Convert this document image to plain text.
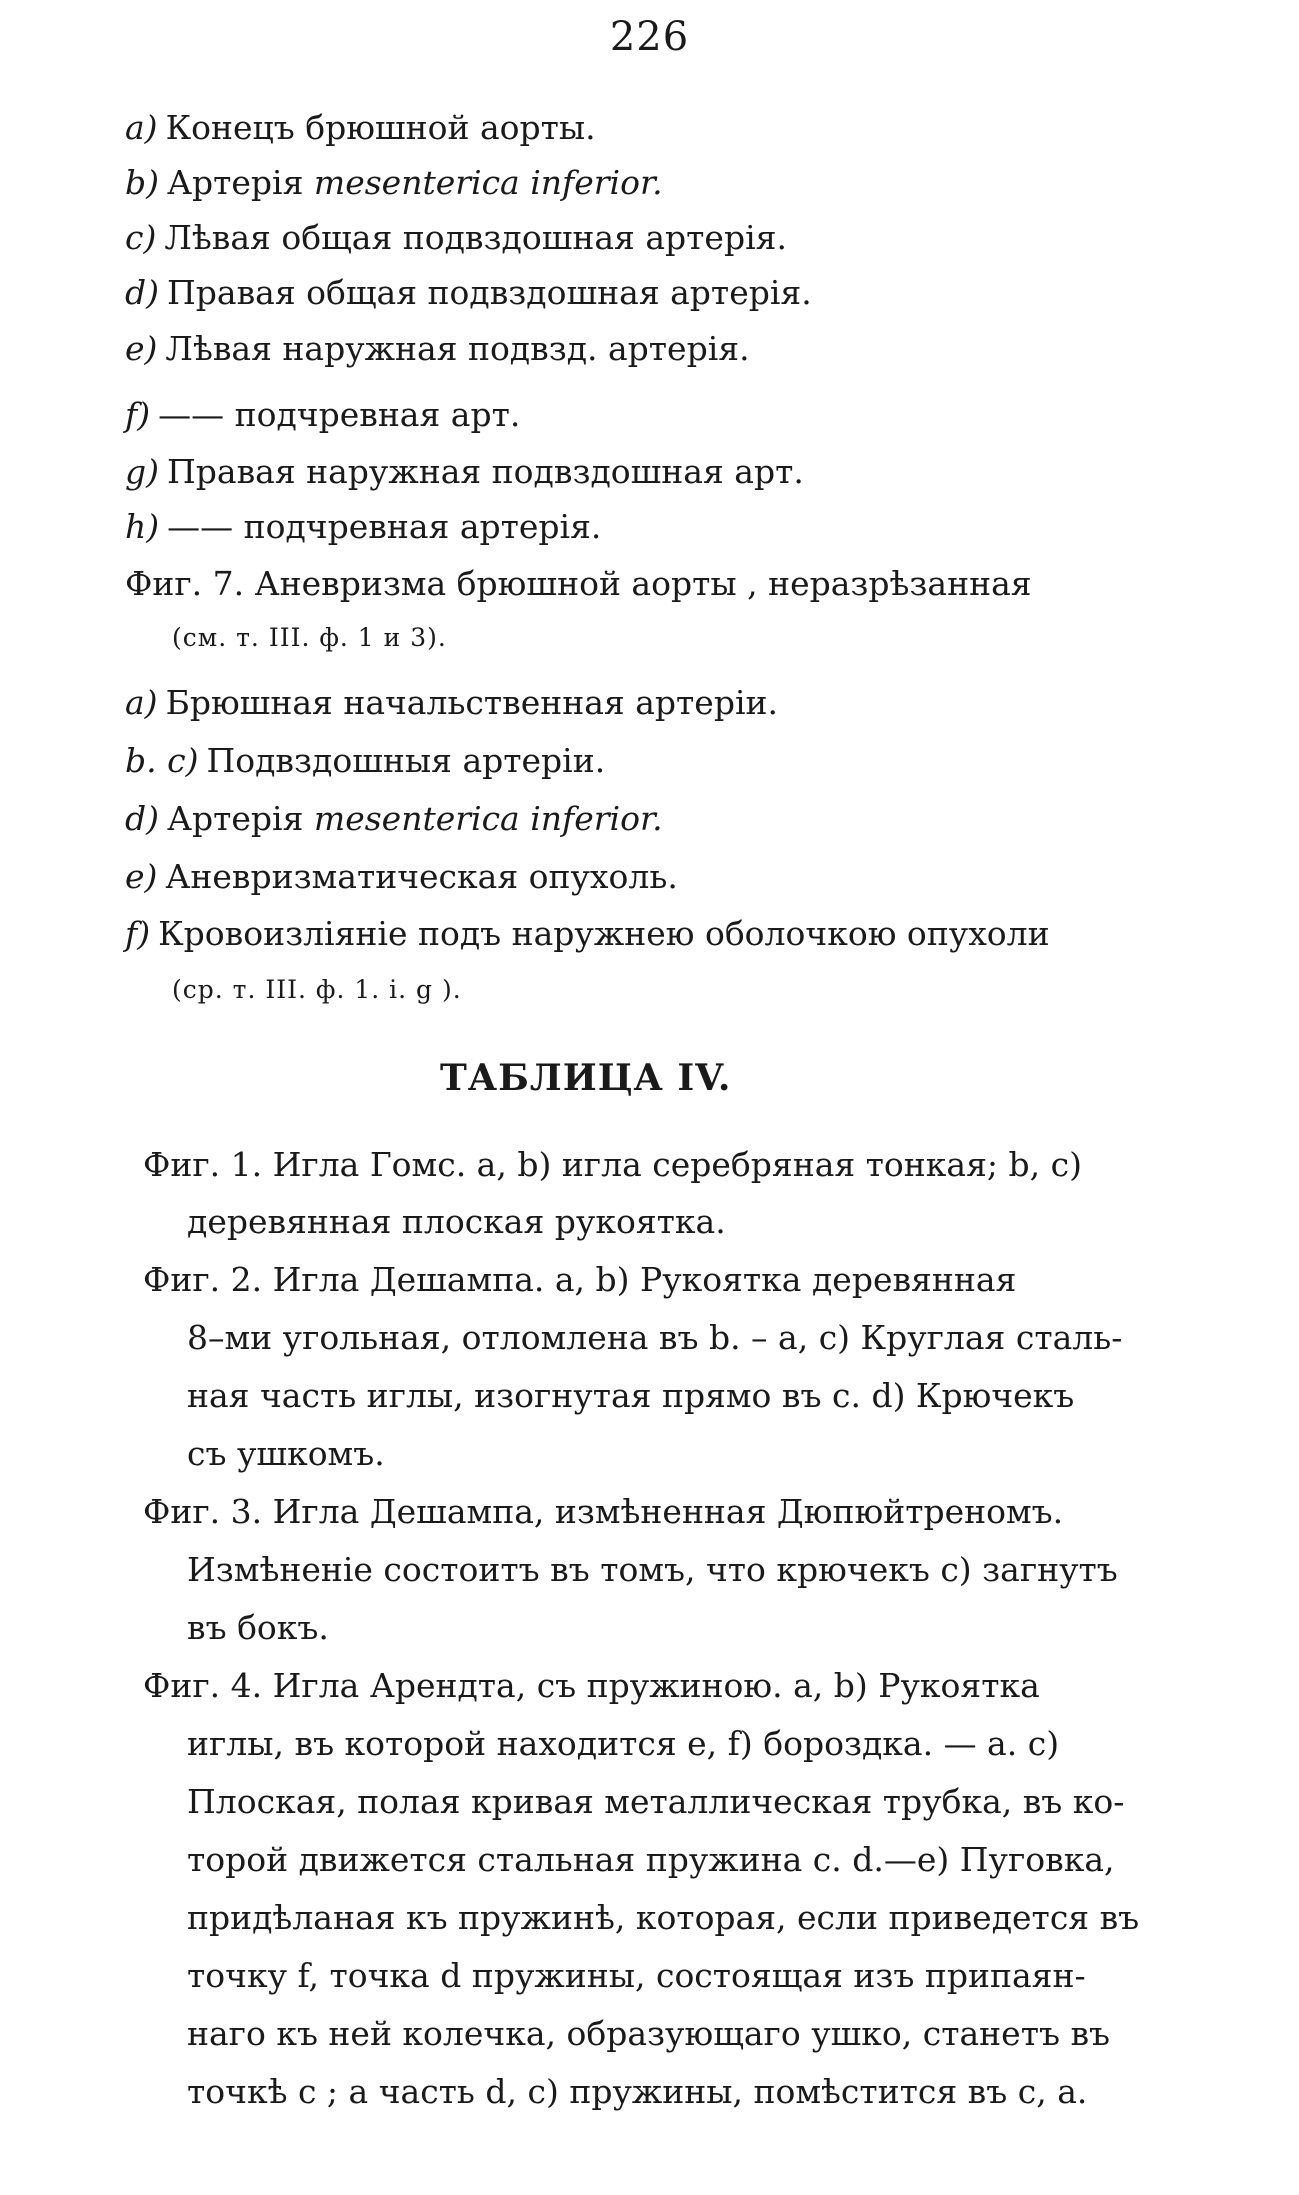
226
a) Конецъ брюшной аорты.
b) Артерія mesenterica inferior.
c) Лѣвая общая подвздошная артерія.
d) Правая общая подвздошная артерія.
e) Лѣвая наружная подвзд. артерія.
f) —— подчревная арт.
g) Правая наружная подвздошная арт.
h) —— подчревная артерія.
Фиг. 7. Аневризма брюшной аорты , неразрѣзанная
(см. т. III. ф. 1 и 3).
a) Брюшная начальственная артеріи.
b. c) Подвздошныя артеріи.
d) Артерія mesenterica inferior.
e) Аневризматическая опухоль.
f) Кровоизліяніе подъ наружнею оболочкою опухоли
(ср. т. III. ф. 1. i. g ).
ТАБЛИЦА IV.
Фиг. 1. Игла Гомс. a, b) игла серебряная тонкая; b, c)
деревянная плоская рукоятка.
Фиг. 2. Игла Дешампа. a, b) Рукоятка деревянная
8–ми угольная, отломлена въ b. – a, c) Круглая сталь-
ная часть иглы, изогнутая прямо въ c. d) Крючекъ
съ ушкомъ.
Фиг. 3. Игла Дешампа, измѣненная Дюпюйтреномъ.
Измѣненіе состоитъ въ томъ, что крючекъ c) загнутъ
въ бокъ.
Фиг. 4. Игла Арендта, съ пружиною. a, b) Рукоятка
иглы, въ которой находится e, f) бороздка. — a. c)
Плоская, полая кривая металлическая трубка, въ ко-
торой движется стальная пружина c. d.—e) Пуговка,
придѣланая къ пружинѣ, которая, если приведется въ
точку f, точка d пружины, состоящая изъ припаян-
наго къ ней колечка, образующаго ушко, станетъ въ
точкѣ c ; а часть d, c) пружины, помѣстится въ c, a.
